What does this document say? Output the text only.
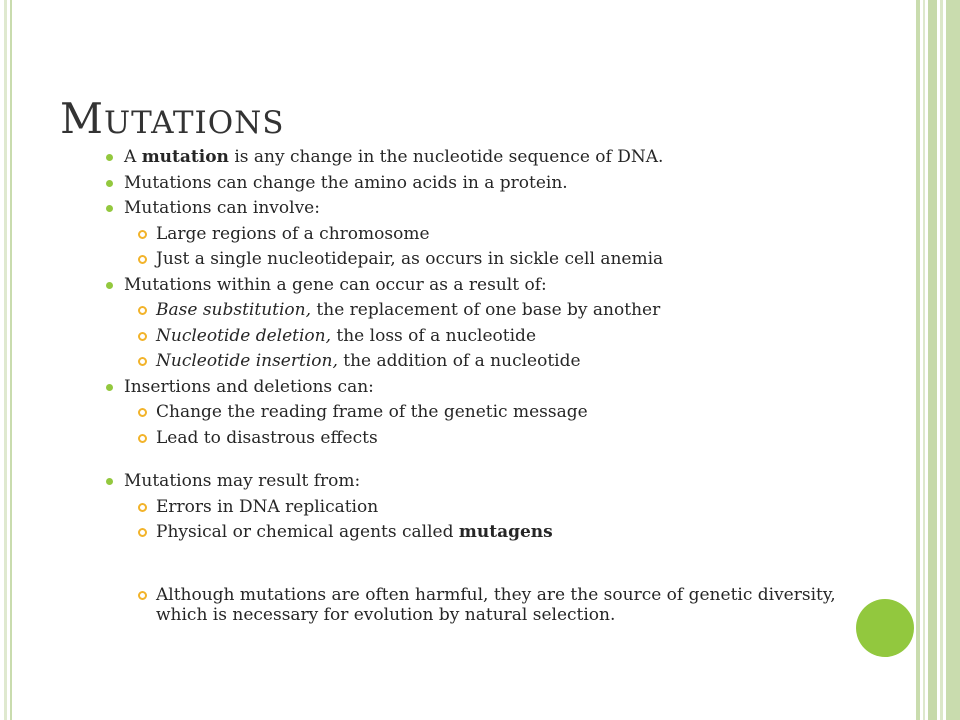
MUTATIONS
A mutation is any change in the nucleotide sequence of DNA.
Mutations can change the amino acids in a protein.
Mutations can involve:
Large regions of a chromosome
Just a single nucleotidepair, as occurs in sickle cell anemia
Mutations within a gene can occur as a result of:
Base substitution, the replacement of one base by another
Nucleotide deletion, the loss of a nucleotide
Nucleotide insertion, the addition of a nucleotide
Insertions and deletions can:
Change the reading frame of the genetic message
Lead to disastrous effects
Mutations may result from:
Errors in DNA replication
Physical or chemical agents called mutagens
Although mutations are often harmful, they are the source of genetic diversity, which is necessary for evolution by natural selection.
